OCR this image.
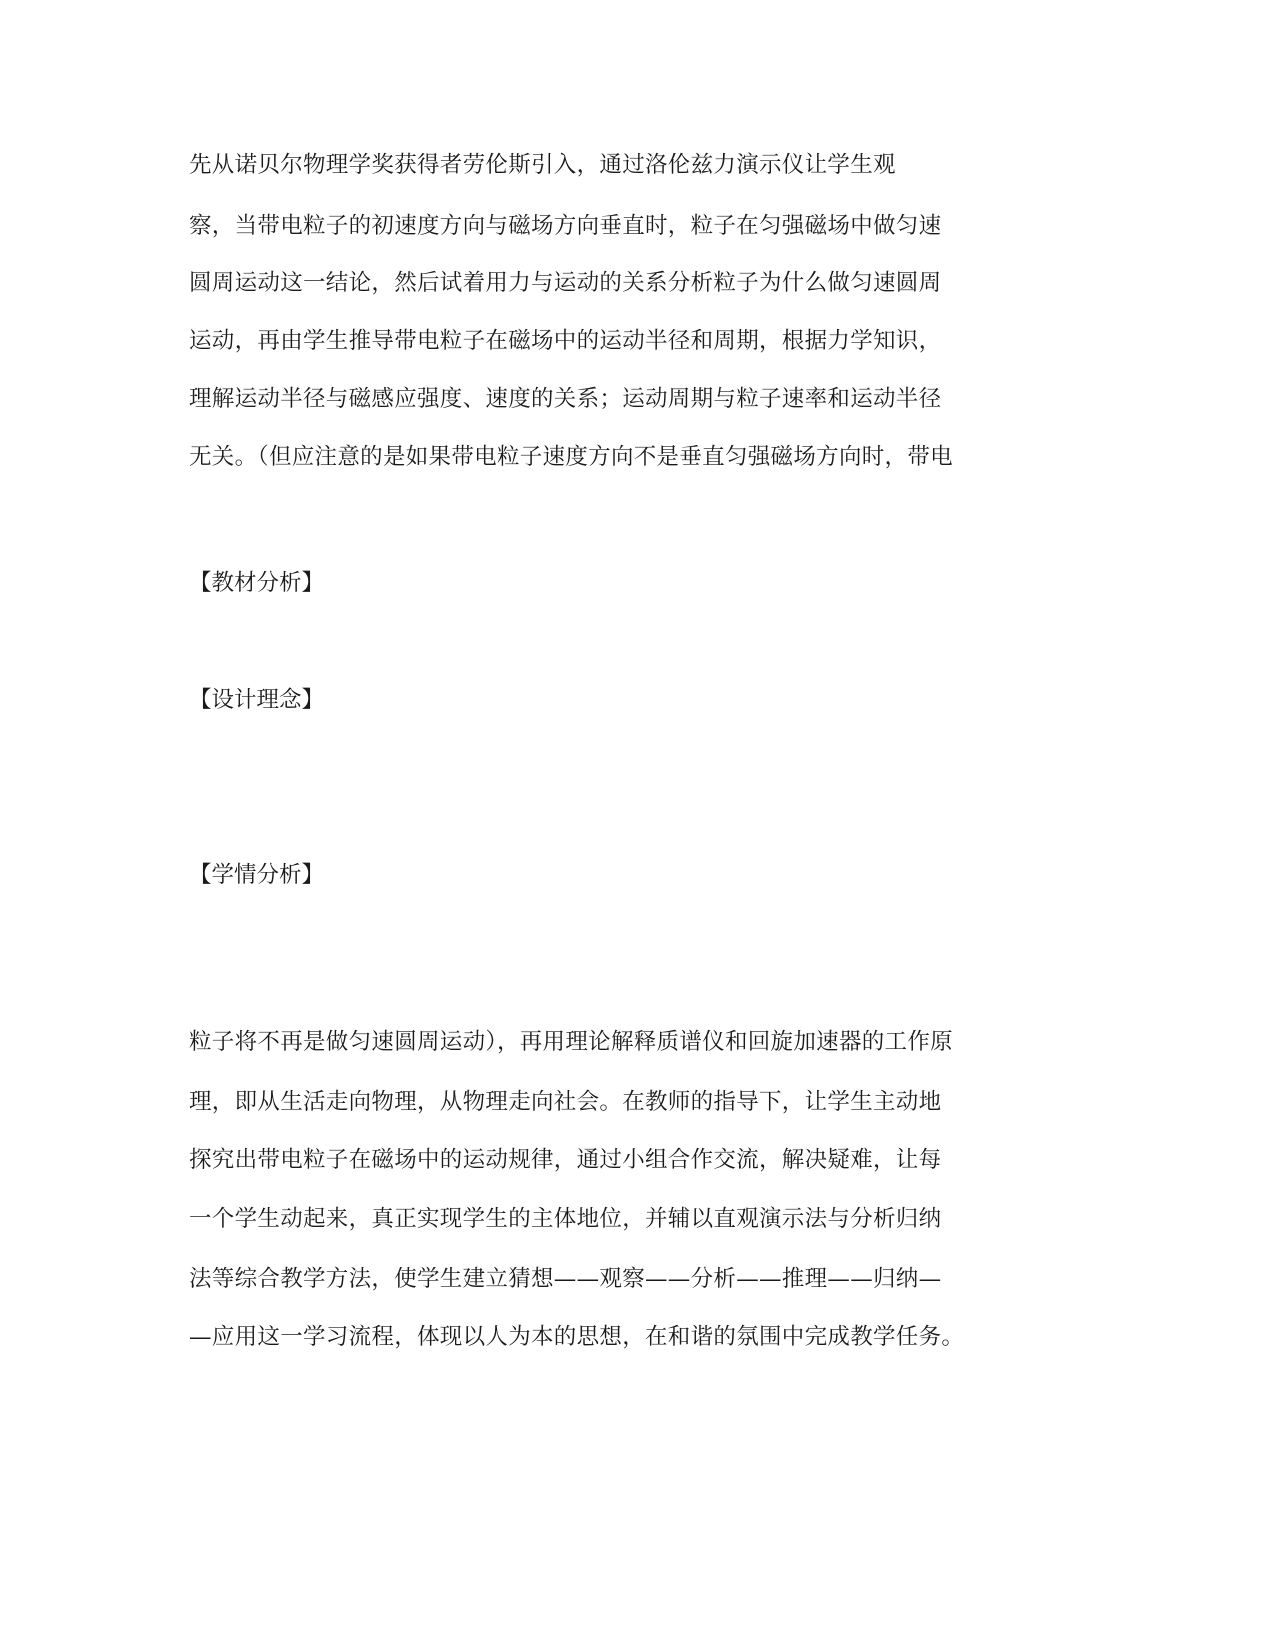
先从诺贝尔物理学奖获得者劳伦斯引入，通过洛伦兹力演示仪让学生观
察，当带电粒子的初速度方向与磁场方向垂直时，粒子在匀强磁场中做匀速
圆周运动这一结论，然后试着用力与运动的关系分析粒子为什么做匀速圆周
运动，再由学生推导带电粒子在磁场中的运动半径和周期，根据力学知识，
理解运动半径与磁感应强度、速度的关系；运动周期与粒子速率和运动半径
无关。（但应注意的是如果带电粒子速度方向不是垂直匀强磁场方向时，带电
【教材分析】
【设计理念】
【学情分析】
粒子将不再是做匀速圆周运动），再用理论解释质谱仪和回旋加速器的工作原
理，即从生活走向物理，从物理走向社会。在教师的指导下，让学生主动地
探究出带电粒子在磁场中的运动规律，通过小组合作交流，解决疑难，让每
一个学生动起来，真正实现学生的主体地位，并辅以直观演示法与分析归纳
法等综合教学方法，使学生建立猜想——观察——分析——推理——归纳—
—应用这一学习流程，体现以人为本的思想，在和谐的氛围中完成教学任务。
